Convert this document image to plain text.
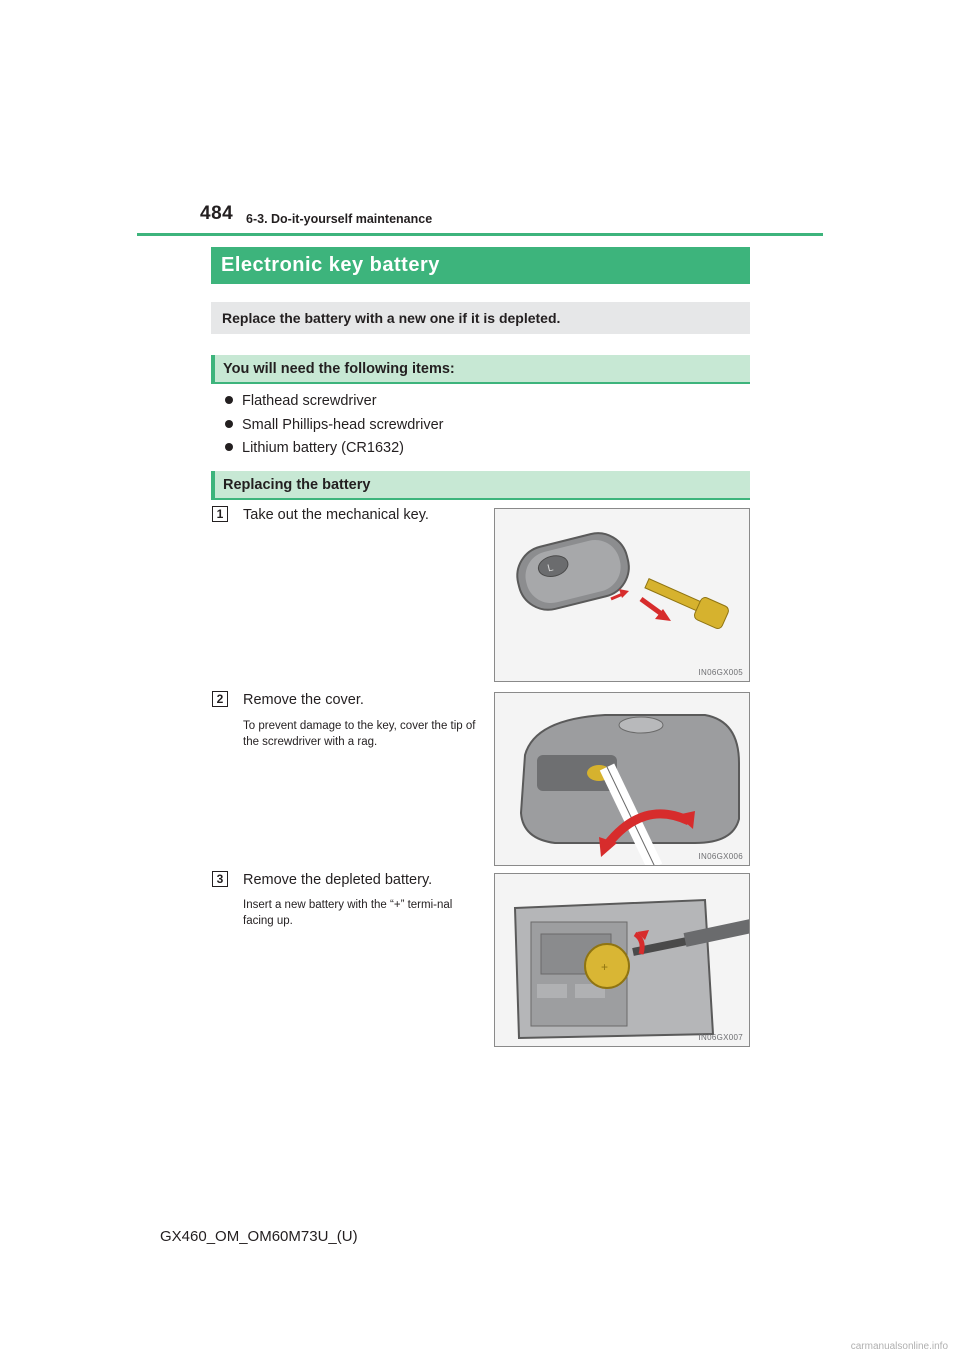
484 6-3. Do-it-yourself maintenance
Electronic key battery
Replace the battery with a new one if it is depleted.
You will need the following items:
Flathead screwdriver
Small Phillips-head screwdriver
Lithium battery (CR1632)
Replacing the battery
1	Take out the mechanical key.
L
IN06GX005
2	Remove the cover.
To prevent damage to the key, cover the tip of the screwdriver with a rag.
IN06GX006
3	Remove the depleted battery.
Insert a new battery with the “+” termi-nal facing up.
+
IN06GX007
GX460_OM_OM60M73U_(U)
carmanualsonline.info
